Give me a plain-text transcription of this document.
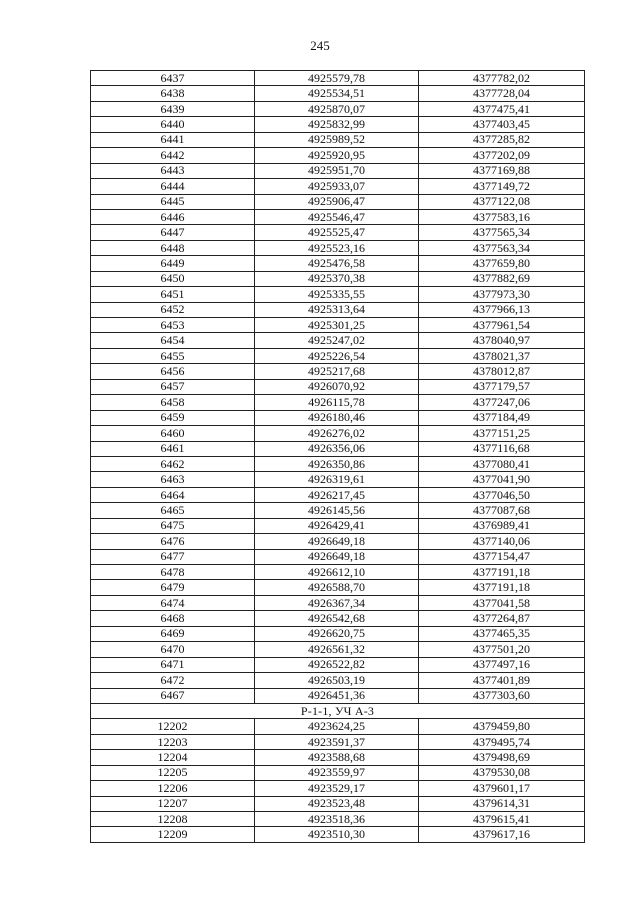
245
6437	4925579,78	4377782,02
6438	4925534,51	4377728,04
6439	4925870,07	4377475,41
6440	4925832,99	4377403,45
6441	4925989,52	4377285,82
6442	4925920,95	4377202,09
6443	4925951,70	4377169,88
6444	4925933,07	4377149,72
6445	4925906,47	4377122,08
6446	4925546,47	4377583,16
6447	4925525,47	4377565,34
6448	4925523,16	4377563,34
6449	4925476,58	4377659,80
6450	4925370,38	4377882,69
6451	4925335,55	4377973,30
6452	4925313,64	4377966,13
6453	4925301,25	4377961,54
6454	4925247,02	4378040,97
6455	4925226,54	4378021,37
6456	4925217,68	4378012,87
6457	4926070,92	4377179,57
6458	4926115,78	4377247,06
6459	4926180,46	4377184,49
6460	4926276,02	4377151,25
6461	4926356,06	4377116,68
6462	4926350,86	4377080,41
6463	4926319,61	4377041,90
6464	4926217,45	4377046,50
6465	4926145,56	4377087,68
6475	4926429,41	4376989,41
6476	4926649,18	4377140,06
6477	4926649,18	4377154,47
6478	4926612,10	4377191,18
6479	4926588,70	4377191,18
6474	4926367,34	4377041,58
6468	4926542,68	4377264,87
6469	4926620,75	4377465,35
6470	4926561,32	4377501,20
6471	4926522,82	4377497,16
6472	4926503,19	4377401,89
6467	4926451,36	4377303,60
Р-1-1, УЧ А-3		
12202	4923624,25	4379459,80
12203	4923591,37	4379495,74
12204	4923588,68	4379498,69
12205	4923559,97	4379530,08
12206	4923529,17	4379601,17
12207	4923523,48	4379614,31
12208	4923518,36	4379615,41
12209	4923510,30	4379617,16
